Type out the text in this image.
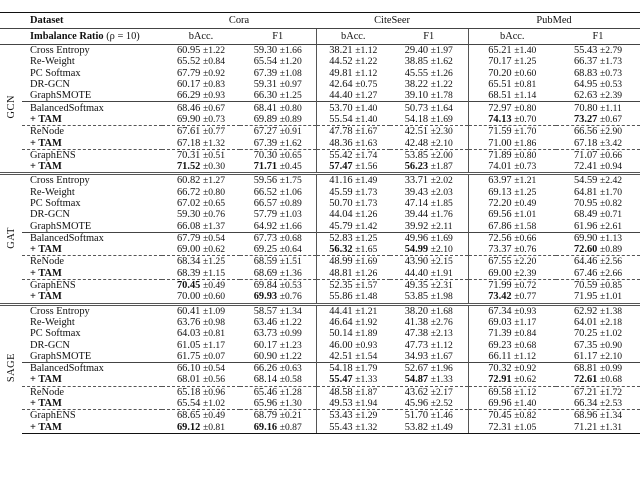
	Dataset	Cora		CiteSeer		PubMed	
	Imbalance Ratio (ρ = 10)	bAcc.	F1	bAcc.	F1	bAcc.	F1
GCN	Cross Entropy	60.95 ±1.22	59.30 ±1.66	38.21 ±1.12	29.40 ±1.97	65.21 ±1.40	55.43 ±2.79
	Re-Weight	65.52 ±0.84	65.54 ±1.20	44.52 ±1.22	38.85 ±1.62	70.17 ±1.25	66.37 ±1.73
	PC Softmax	67.79 ±0.92	67.39 ±1.08	49.81 ±1.12	45.55 ±1.26	70.20 ±0.60	68.83 ±0.73
	DR-GCN	60.17 ±0.83	59.31 ±0.97	42.64 ±0.75	38.22 ±1.22	65.51 ±0.81	64.95 ±0.53
	GraphSMOTE	66.29 ±0.93	66.30 ±1.25	44.40 ±1.27	39.10 ±1.78	68.51 ±1.14	62.63 ±2.39
	BalancedSoftmax	68.46 ±0.67	68.41 ±0.80	53.70 ±1.40	50.73 ±1.64	72.97 ±0.80	70.80 ±1.11
	+ TAM	69.90 ±0.73	69.89 ±0.89	55.54 ±1.40	54.18 ±1.69	74.13 ±0.70	73.27 ±0.67
	ReNode	67.61 ±0.77	67.27 ±0.91	47.78 ±1.67	42.51 ±2.30	71.59 ±1.70	66.56 ±2.90
	+ TAM	67.18 ±1.32	67.39 ±1.62	48.36 ±1.63	42.48 ±2.10	71.00 ±1.86	67.18 ±3.42
	GraphENS	70.31 ±0.51	70.30 ±0.65	55.42 ±1.74	53.85 ±2.00	71.89 ±0.80	71.07 ±0.66
	+ TAM	71.52 ±0.30	71.71 ±0.45	57.47 ±1.56	56.23 ±1.87	74.01 ±0.73	72.41 ±0.94
GAT	Cross Entropy	60.82 ±1.27	59.56 ±1.75	41.16 ±1.49	33.71 ±2.02	63.97 ±1.21	54.59 ±2.42
	Re-Weight	66.72 ±0.80	66.52 ±1.06	45.59 ±1.73	39.43 ±2.03	69.13 ±1.25	64.81 ±1.70
	PC Softmax	67.02 ±0.65	66.57 ±0.89	50.70 ±1.73	47.14 ±1.85	72.20 ±0.49	70.95 ±0.82
	DR-GCN	59.30 ±0.76	57.79 ±1.03	44.04 ±1.26	39.44 ±1.76	69.56 ±1.01	68.49 ±0.71
	GraphSMOTE	66.08 ±1.37	64.92 ±1.66	45.79 ±1.42	39.92 ±2.11	67.86 ±1.58	61.96 ±2.61
	BalancedSoftmax	67.79 ±0.54	67.73 ±0.68	52.83 ±1.25	49.96 ±1.69	72.56 ±0.66	69.90 ±1.13
	+ TAM	69.00 ±0.62	69.25 ±0.64	56.32 ±1.65	54.99 ±2.10	73.37 ±0.76	72.60 ±0.89
	ReNode	68.34 ±1.25	68.59 ±1.51	48.99 ±1.69	43.90 ±2.15	67.55 ±2.20	64.46 ±2.56
	+ TAM	68.39 ±1.15	68.69 ±1.36	48.81 ±1.26	44.40 ±1.91	69.00 ±2.39	67.46 ±2.66
	GraphENS	70.45 ±0.49	69.84 ±0.53	52.35 ±1.57	49.35 ±2.31	71.99 ±0.72	70.59 ±0.85
	+ TAM	70.00 ±0.60	69.93 ±0.76	55.86 ±1.48	53.85 ±1.98	73.42 ±0.77	71.95 ±1.01
SAGE	Cross Entropy	60.41 ±1.09	58.57 ±1.34	44.41 ±1.21	38.20 ±1.68	67.34 ±0.93	62.92 ±1.38
	Re-Weight	63.76 ±0.98	63.46 ±1.22	46.64 ±1.92	41.38 ±2.76	69.03 ±1.17	64.01 ±2.18
	PC Softmax	64.03 ±0.81	63.73 ±0.99	50.14 ±1.89	47.38 ±2.13	71.39 ±0.84	70.25 ±1.02
	DR-GCN	61.05 ±1.17	60.17 ±1.23	46.00 ±0.93	47.73 ±1.12	69.23 ±0.68	67.35 ±0.90
	GraphSMOTE	61.75 ±0.07	60.90 ±1.22	42.51 ±1.54	34.93 ±1.67	66.11 ±1.12	61.17 ±2.10
	BalancedSoftmax	66.10 ±0.54	66.26 ±0.63	54.18 ±1.79	52.67 ±1.96	70.32 ±0.92	68.81 ±0.99
	+ TAM	68.01 ±0.56	68.14 ±0.58	55.47 ±1.33	54.87 ±1.33	72.91 ±0.62	72.61 ±0.68
	ReNode	65.18 ±0.96	65.46 ±1.28	48.58 ±1.87	43.62 ±2.17	69.58 ±1.12	67.21 ±1.72
	+ TAM	65.54 ±1.02	65.96 ±1.30	49.53 ±1.94	45.96 ±2.52	69.96 ±1.40	66.34 ±2.53
	GraphENS	68.65 ±0.49	68.79 ±0.21	53.43 ±1.29	51.70 ±1.46	70.45 ±0.82	68.96 ±1.34
	+ TAM	69.12 ±0.81	69.16 ±0.87	55.43 ±1.32	53.82 ±1.49	72.31 ±1.05	71.21 ±1.31
